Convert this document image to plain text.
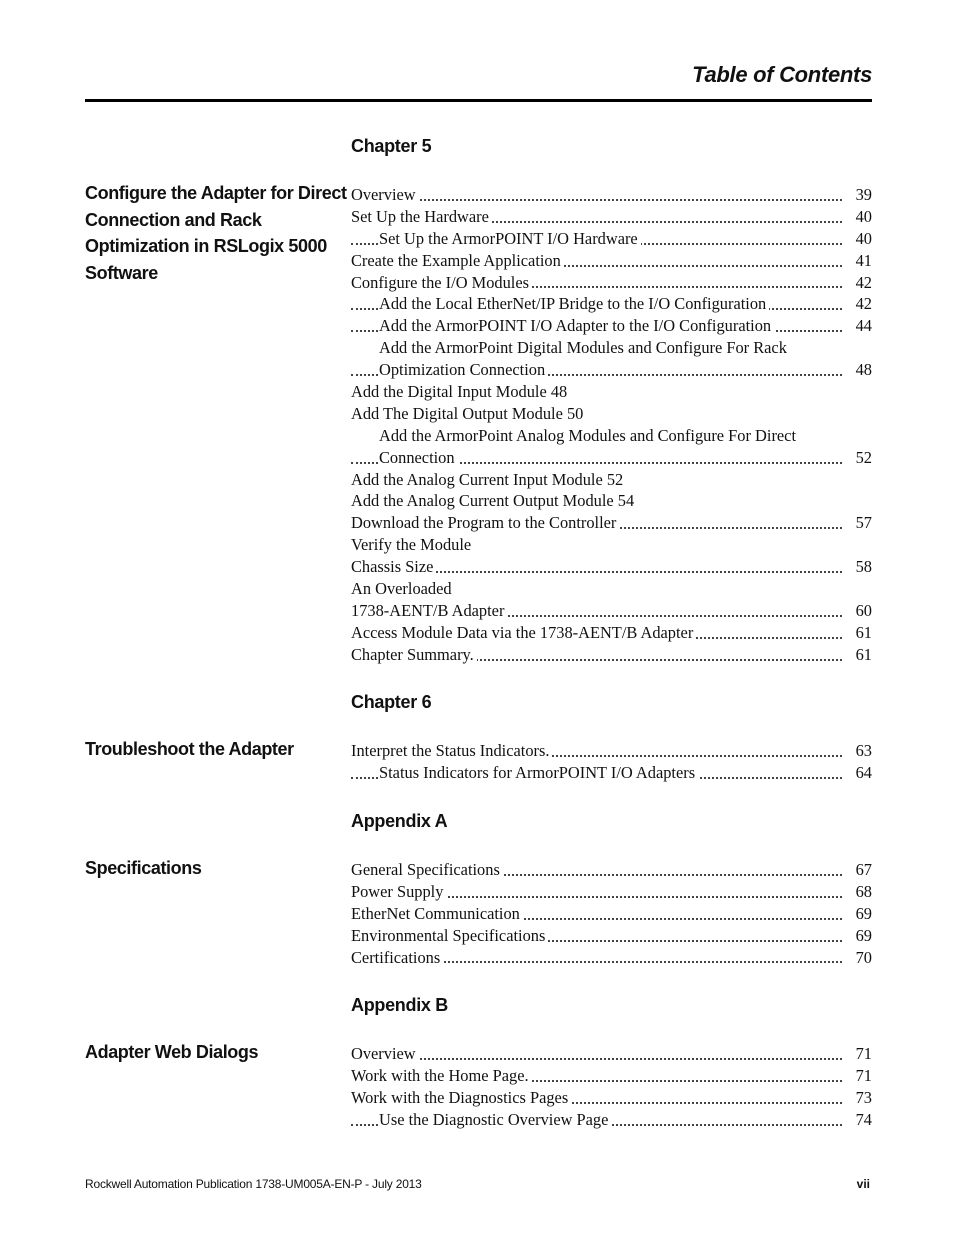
Table of Contents
Chapter 5
Configure the Adapter for Direct Connection and Rack Optimization in RSLogix 5000 Software
Overview	39
Set Up the Hardware	40
Set Up the ArmorPOINT I/O Hardware	40
Create the Example Application	41
Configure the I/O Modules	42
Add the Local EtherNet/IP Bridge to the I/O Configuration	42
Add the ArmorPOINT I/O Adapter to the I/O Configuration	44
Add the ArmorPoint Digital Modules and Configure For Rack
Optimization Connection	48
Add the Digital Input Module 48
Add The Digital Output Module 50
Add the ArmorPoint Analog Modules and Configure For Direct
Connection	52
Add the Analog Current Input Module 52
Add the Analog Current Output Module 54
Download the Program to the Controller	57
Verify the Module
Chassis Size	58
An Overloaded
1738-AENT/B Adapter	60
Access Module Data via the 1738-AENT/B Adapter	61
Chapter Summary.	61
Chapter 6
Troubleshoot the Adapter	Interpret the Status Indicators.	63
Status Indicators for ArmorPOINT I/O Adapters	64
Appendix A
Specifications	General Specifications	67
Power Supply	68
EtherNet Communication	69
Environmental Specifications	69
Certifications	70
Appendix B
Adapter Web Dialogs	Overview	71
Work with the Home Page.	71
Work with the Diagnostics Pages	73
Use the Diagnostic Overview Page	74
Rockwell Automation Publication 1738-UM005A-EN-P - July 2013	vii
